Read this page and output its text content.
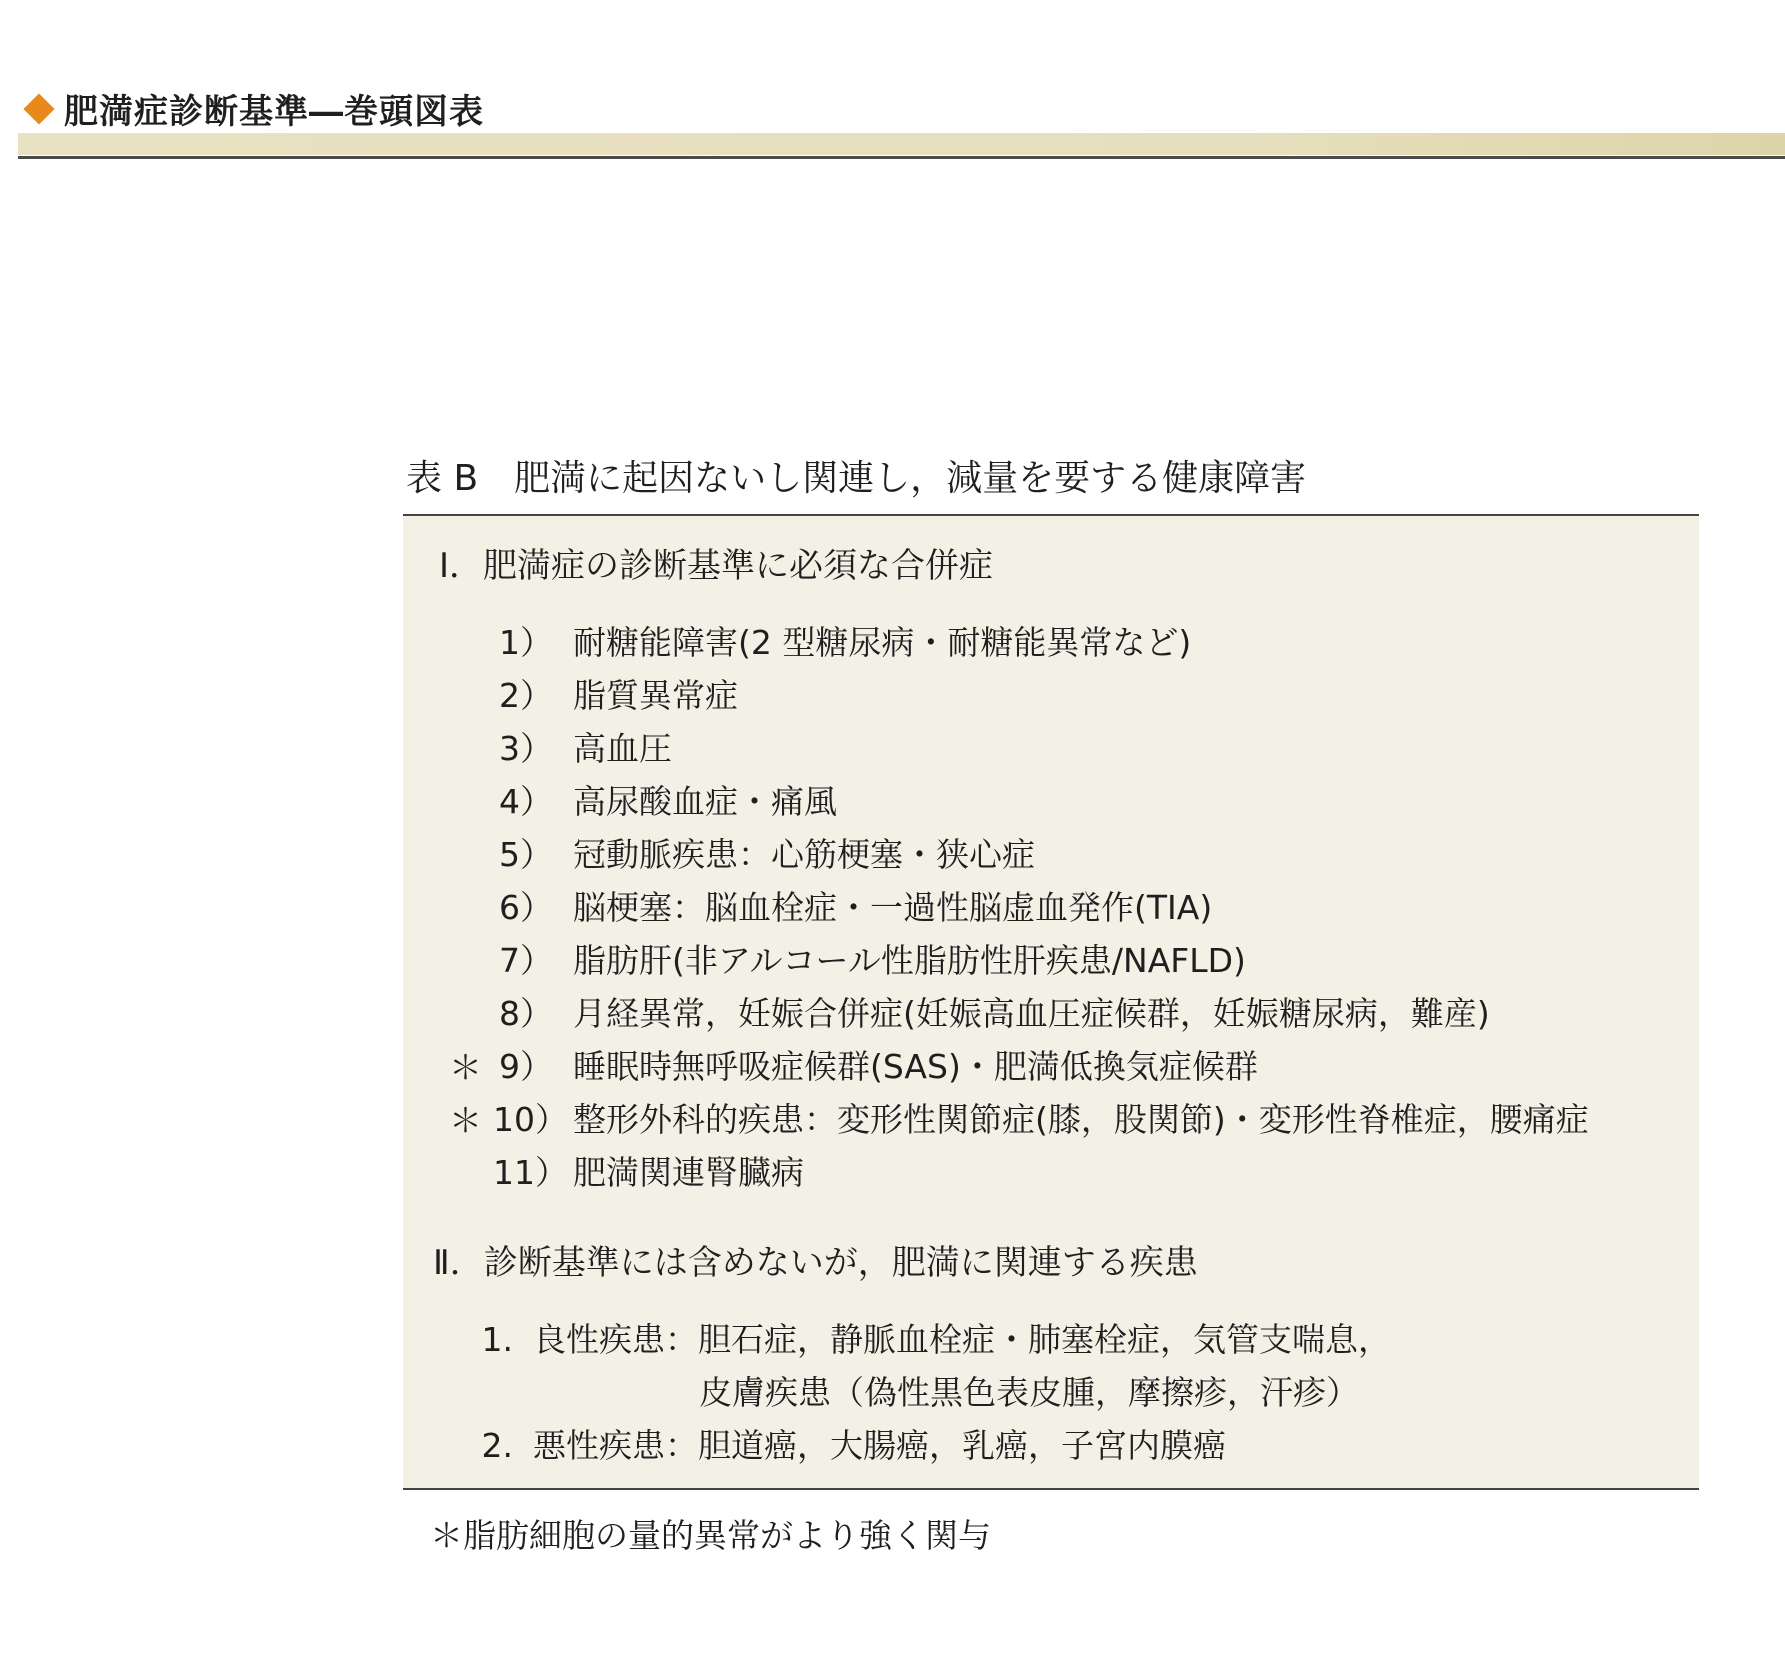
肥満症診断基準―巻頭図表
表 B 肥満に起因ないし関連し，減量を要する健康障害
Ⅰ．肥満症の診断基準に必須な合併症
1） 耐糖能障害(2 型糖尿病・耐糖能異常など)
2） 脂質異常症
3） 高血圧
4） 高尿酸血症・痛風
5） 冠動脈疾患：心筋梗塞・狭心症
6） 脳梗塞：脳血栓症・一過性脳虚血発作(TIA)
7） 脂肪肝(非アルコール性脂肪性肝疾患/NAFLD)
8） 月経異常，妊娠合併症(妊娠高血圧症候群，妊娠糖尿病，難産)
＊ 9） 睡眠時無呼吸症候群(SAS)・肥満低換気症候群
＊ 10） 整形外科的疾患：変形性関節症(膝，股関節)・変形性脊椎症，腰痛症
11） 肥満関連腎臓病
Ⅱ．診断基準には含めないが，肥満に関連する疾患
1. 良性疾患：胆石症，静脈血栓症・肺塞栓症，気管支喘息，
皮膚疾患（偽性黒色表皮腫，摩擦疹，汗疹）
2. 悪性疾患：胆道癌，大腸癌，乳癌，子宮内膜癌
＊脂肪細胞の量的異常がより強く関与
